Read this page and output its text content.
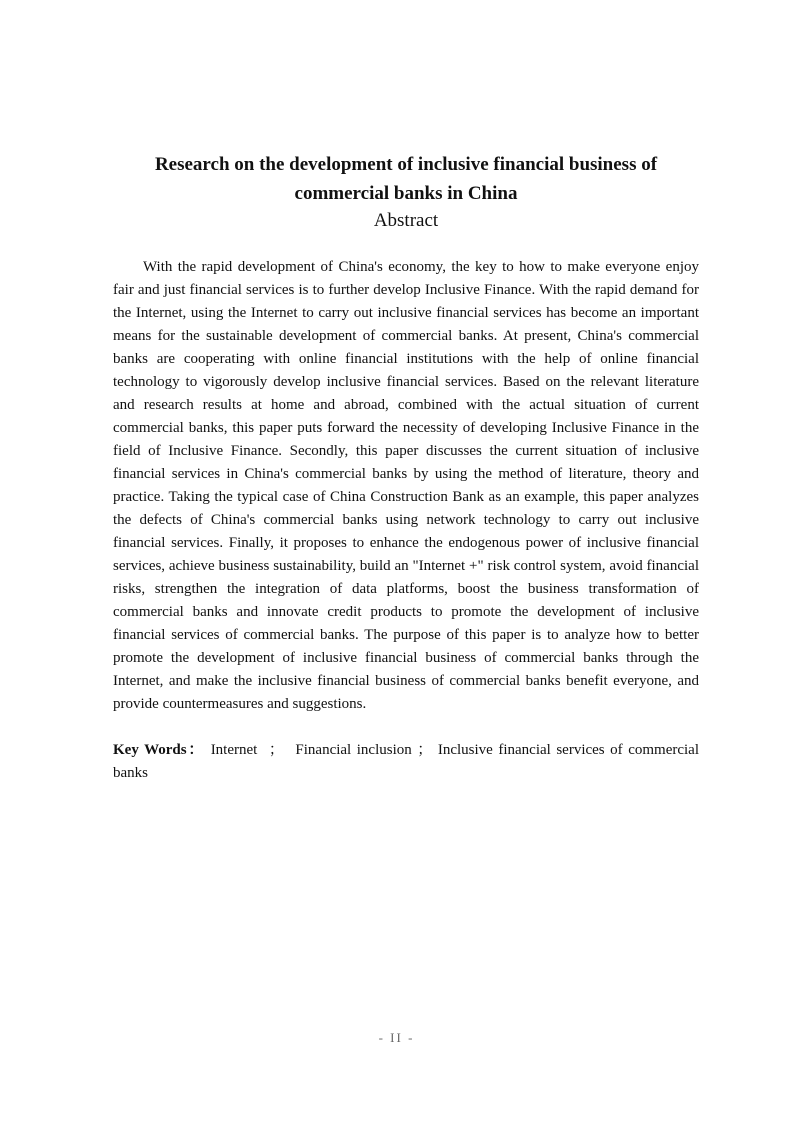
Research on the development of inclusive financial business of
commercial banks in China
Abstract

With the rapid development of China's economy, the key to how to make everyone enjoy fair and just financial services is to further develop Inclusive Finance. With the rapid demand for the Internet, using the Internet to carry out inclusive financial services has become an important means for the sustainable development of commercial banks. At present, China's commercial banks are cooperating with online financial institutions with the help of online financial technology to vigorously develop inclusive financial services. Based on the relevant literature and research results at home and abroad, combined with the actual situation of current commercial banks, this paper puts forward the necessity of developing Inclusive Finance in the field of Inclusive Finance. Secondly, this paper discusses the current situation of inclusive financial services in China's commercial banks by using the method of literature, theory and practice. Taking the typical case of China Construction Bank as an example, this paper analyzes the defects of China's commercial banks using network technology to carry out inclusive financial services. Finally, it proposes to enhance the endogenous power of inclusive financial services, achieve business sustainability, build an "Internet +" risk control system, avoid financial risks, strengthen the integration of data platforms, boost the business transformation of commercial banks and innovate credit products to promote the development of inclusive financial services of commercial banks. The purpose of this paper is to analyze how to better promote the development of inclusive financial business of commercial banks through the Internet, and make the inclusive financial business of commercial banks benefit everyone, and provide countermeasures and suggestions.

Key Words： Internet ； Financial inclusion ； Inclusive financial services of commercial banks
- II -
